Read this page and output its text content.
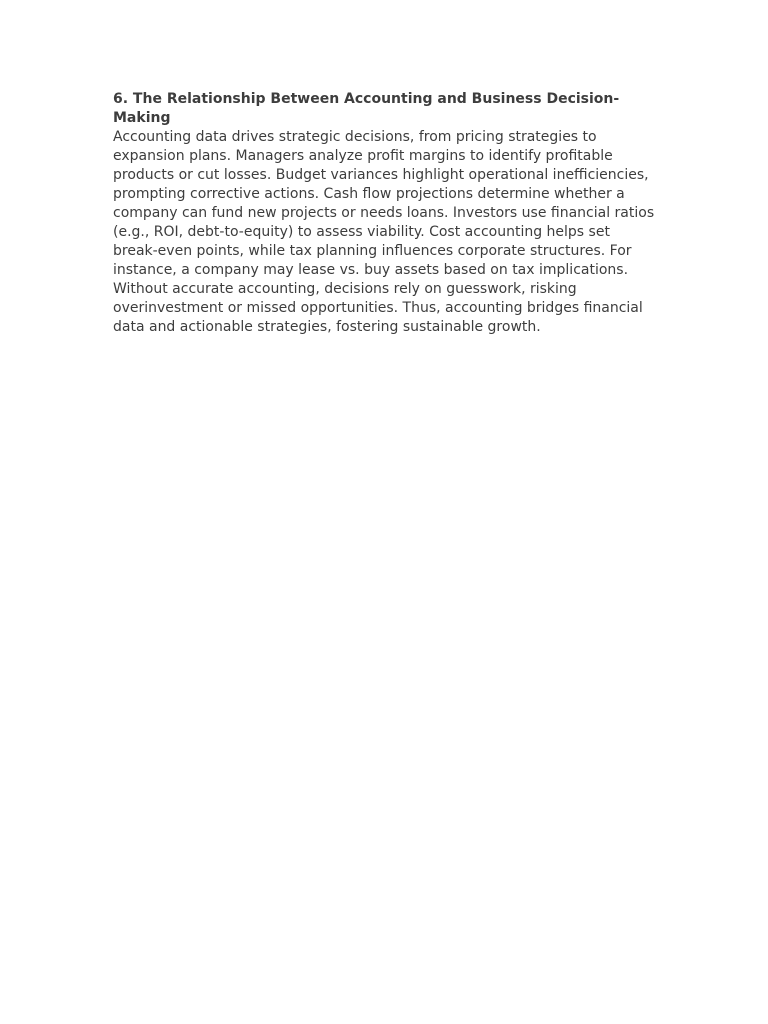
6. The Relationship Between Accounting and Business Decision-Making

Accounting data drives strategic decisions, from pricing strategies to expansion plans. Managers analyze profit margins to identify profitable products or cut losses. Budget variances highlight operational inefficiencies, prompting corrective actions. Cash flow projections determine whether a company can fund new projects or needs loans. Investors use financial ratios (e.g., ROI, debt-to-equity) to assess viability. Cost accounting helps set break-even points, while tax planning influences corporate structures. For instance, a company may lease vs. buy assets based on tax implications. Without accurate accounting, decisions rely on guesswork, risking overinvestment or missed opportunities. Thus, accounting bridges financial data and actionable strategies, fostering sustainable growth.
